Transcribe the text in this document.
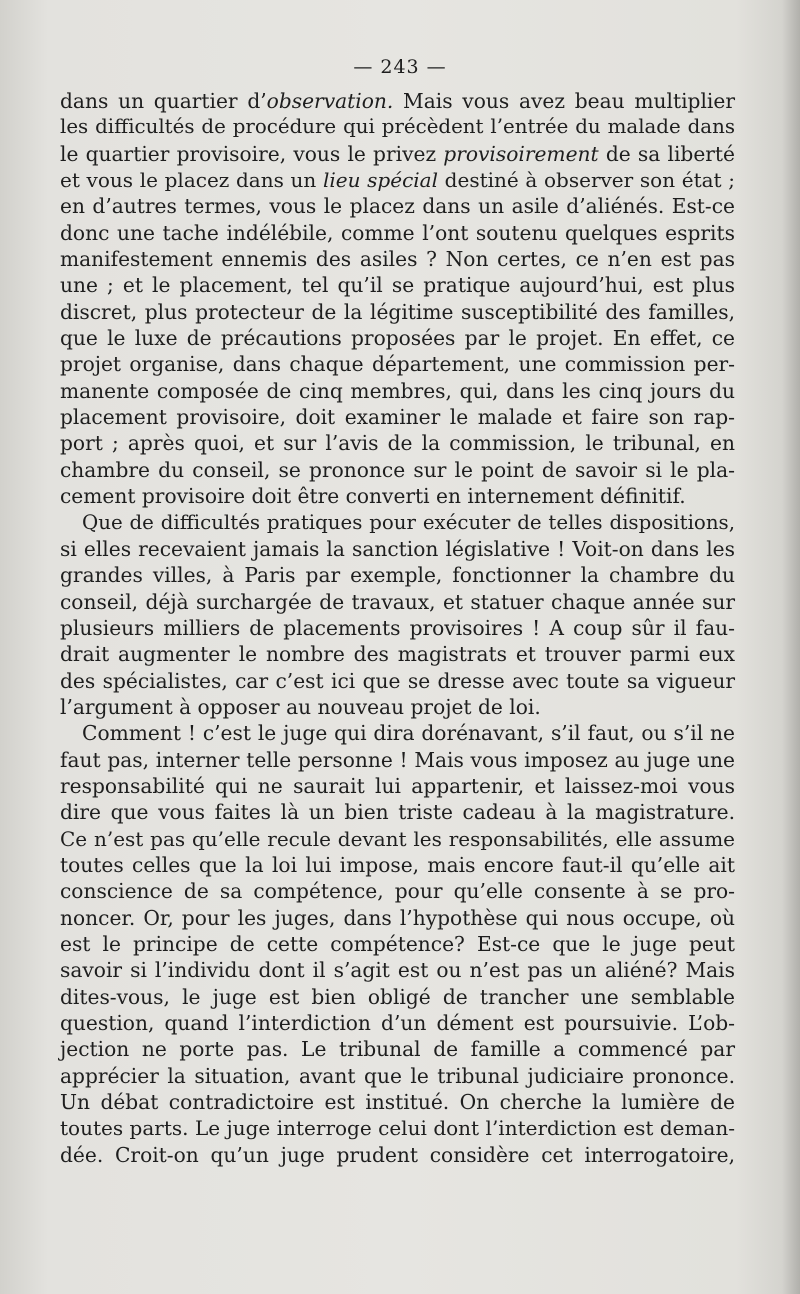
— 243 —

dans un quartier d’observation. Mais vous avez beau multiplier
les difficultés de procédure qui précèdent l’entrée du malade dans
le quartier provisoire, vous le privez provisoirement de sa liberté
et vous le placez dans un lieu spécial destiné à observer son état ;
en d’autres termes, vous le placez dans un asile d’aliénés. Est-ce
donc une tache indélébile, comme l’ont soutenu quelques esprits
manifestement ennemis des asiles ? Non certes, ce n’en est pas
une ; et le placement, tel qu’il se pratique aujourd’hui, est plus
discret, plus protecteur de la légitime susceptibilité des familles,
que le luxe de précautions proposées par le projet. En effet, ce
projet organise, dans chaque département, une commission per-
manente composée de cinq membres, qui, dans les cinq jours du
placement provisoire, doit examiner le malade et faire son rap-
port ; après quoi, et sur l’avis de la commission, le tribunal, en
chambre du conseil, se prononce sur le point de savoir si le pla-
cement provisoire doit être converti en internement définitif.
Que de difficultés pratiques pour exécuter de telles dispositions,
si elles recevaient jamais la sanction législative ! Voit-on dans les
grandes villes, à Paris par exemple, fonctionner la chambre du
conseil, déjà surchargée de travaux, et statuer chaque année sur
plusieurs milliers de placements provisoires ! A coup sûr il fau-
drait augmenter le nombre des magistrats et trouver parmi eux
des spécialistes, car c’est ici que se dresse avec toute sa vigueur
l’argument à opposer au nouveau projet de loi.
Comment ! c’est le juge qui dira dorénavant, s’il faut, ou s’il ne
faut pas, interner telle personne ! Mais vous imposez au juge une
responsabilité qui ne saurait lui appartenir, et laissez-moi vous
dire que vous faites là un bien triste cadeau à la magistrature.
Ce n’est pas qu’elle recule devant les responsabilités, elle assume
toutes celles que la loi lui impose, mais encore faut-il qu’elle ait
conscience de sa compétence, pour qu’elle consente à se pro-
noncer. Or, pour les juges, dans l’hypothèse qui nous occupe, où
est le principe de cette compétence? Est-ce que le juge peut
savoir si l’individu dont il s’agit est ou n’est pas un aliéné? Mais
dites-vous, le juge est bien obligé de trancher une semblable
question, quand l’interdiction d’un dément est poursuivie. L’ob-
jection ne porte pas. Le tribunal de famille a commencé par
apprécier la situation, avant que le tribunal judiciaire prononce.
Un débat contradictoire est institué. On cherche la lumière de
toutes parts. Le juge interroge celui dont l’interdiction est deman-
dée. Croit-on qu’un juge prudent considère cet interrogatoire,
